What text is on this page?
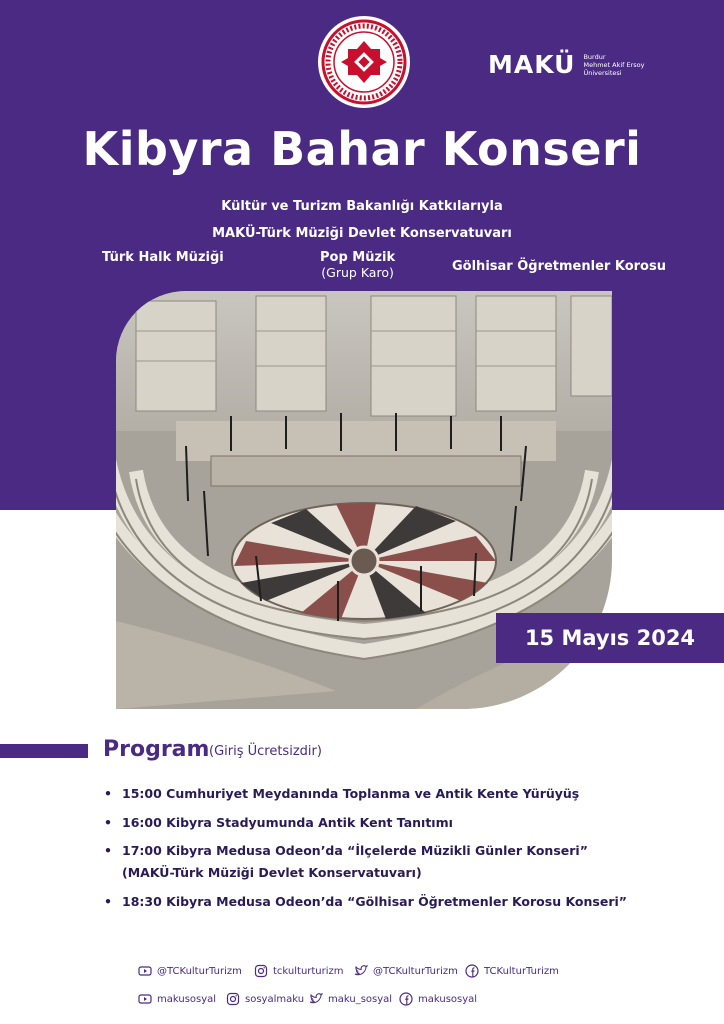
MAKÜ Burdur
Mehmet Akif Ersoy
Üniversitesi
Kibyra Bahar Konseri
Kültür ve Turizm Bakanlığı Katkılarıyla
MAKÜ-Türk Müziği Devlet Konservatuvarı
Türk Halk Müziği	Pop Müzik
(Grup Karo)	Gölhisar Öğretmenler Korosu
15 Mayıs 2024
Program (Giriş Ücretsizdir)
• 15:00 Cumhuriyet Meydanında Toplanma ve Antik Kente Yürüyüş
• 16:00 Kibyra Stadyumunda Antik Kent Tanıtımı
• 17:00 Kibyra Medusa Odeon’da “İlçelerde Müzikli Günler Konseri”
(MAKÜ-Türk Müziği Devlet Konservatuvarı)
• 18:30 Kibyra Medusa Odeon’da “Gölhisar Öğretmenler Korosu Konseri”
@TCKulturTurizm	tckulturturizm	@TCKulturTurizm	TCKulturTurizm
makusosyal	sosyalmaku maku_sosyal	makusosyal
